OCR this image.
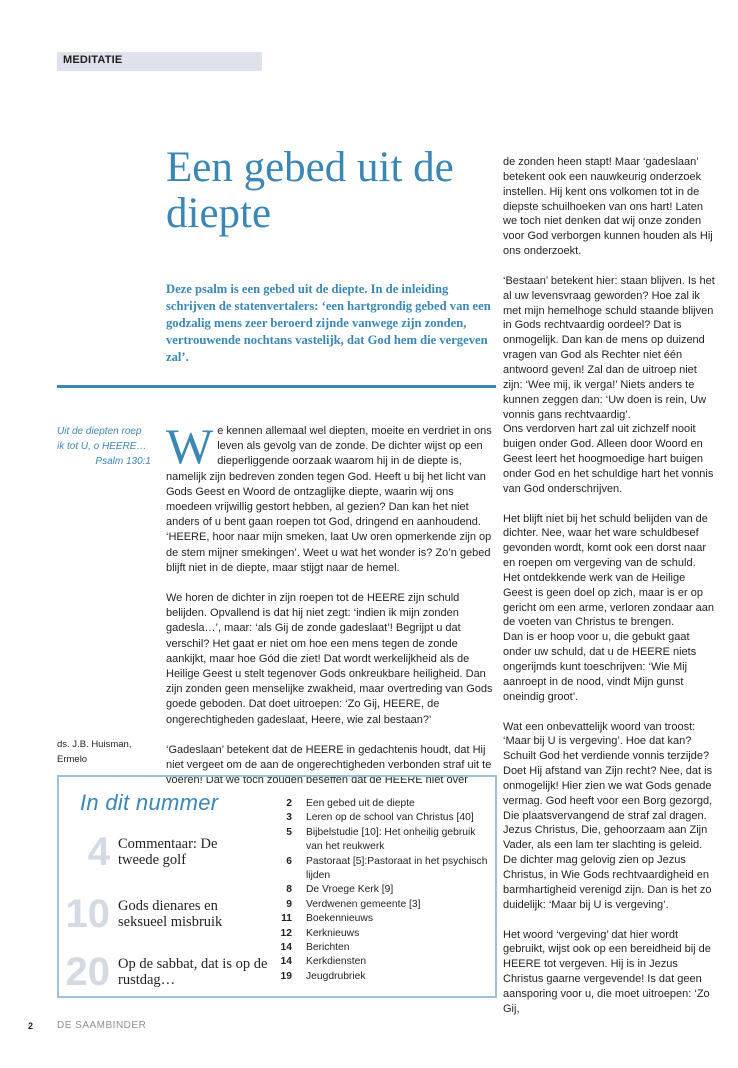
MEDITATIE
Een gebed uit de diepte
Deze psalm is een gebed uit de diepte. In de inleiding schrijven de statenvertalers: ‘een hartgrondig gebed van een godzalig mens zeer beroerd zijnde vanwege zijn zonden, vertrouwende nochtans vastelijk, dat God hem die vergeven zal’.
Uit de diepten roep ik tot U, o HEERE…
Psalm 130:1
ds. J.B. Huisman,
Ermelo

We kennen allemaal wel diepten, moeite en verdriet in ons leven als gevolg van de zonde. De dichter wijst op een dieperliggende oorzaak waarom hij in de diepte is, namelijk zijn bedreven zonden tegen God. Heeft u bij het licht van Gods Geest en Woord de ontzaglijke diepte, waarin wij ons moedeen vrijwillig gestort hebben, al gezien? Dan kan het niet anders of u bent gaan roepen tot God, dringend en aanhoudend. ‘HEERE, hoor naar mijn smeken, laat Uw oren opmerkende zijn op de stem mijner smekingen’. Weet u wat het wonder is? Zo’n gebed blijft niet in de diepte, maar stijgt naar de hemel.

We horen de dichter in zijn roepen tot de HEERE zijn schuld belijden. Opvallend is dat hij niet zegt: ‘indien ik mijn zonden gadesla…’, maar: ‘als Gij de zonde gadeslaat’! Begrijpt u dat verschil? Het gaat er niet om hoe een mens tegen de zonde aankijkt, maar hoe Gód die ziet! Dat wordt werkelijkheid als de Heilige Geest u stelt tegenover Gods onkreukbare heiligheid. Dan zijn zonden geen menselijke zwakheid, maar overtreding van Gods goede geboden. Dat doet uitroepen: ‘Zo Gij, HEERE, de ongerechtigheden gadeslaat, Heere, wie zal bestaan?’

‘Gadeslaan’ betekent dat de HEERE in gedachtenis houdt, dat Hij niet vergeet om de aan de ongerechtigheden verbonden straf uit te voeren! Dat we toch zouden beseffen dat de HEERE niet over

de zonden heen stapt! Maar ‘gadeslaan’ betekent ook een nauwkeurig onderzoek instellen. Hij kent ons volkomen tot in de diepste schuilhoeken van ons hart! Laten we toch niet denken dat wij onze zonden voor God verborgen kunnen houden als Hij ons onderzoekt.

‘Bestaan’ betekent hier: staan blijven. Is het al uw levensvraag geworden? Hoe zal ik met mijn hemelhoge schuld staande blijven in Gods rechtvaardig oordeel? Dat is onmogelijk. Dan kan de mens op duizend vragen van God als Rechter niet één antwoord geven! Zal dan de uitroep niet zijn: ‘Wee mij, ik verga!’ Niets anders te kunnen zeggen dan: ‘Uw doen is rein, Uw vonnis gans rechtvaardig’.

Ons verdorven hart zal uit zichzelf nooit buigen onder God. Alleen door Woord en Geest leert het hoogmoedige hart buigen onder God en het schuldige hart het vonnis van God onderschrijven.

Het blijft niet bij het schuld belijden van de dichter. Nee, waar het ware schuldbesef gevonden wordt, komt ook een dorst naar en roepen om vergeving van de schuld. Het ontdekkende werk van de Heilige Geest is geen doel op zich, maar is er op gericht om een arme, verloren zondaar aan de voeten van Christus te brengen.

Dan is er hoop voor u, die gebukt gaat onder uw schuld, dat u de HEERE niets ongerijmds kunt toeschrijven: ‘Wie Mij aanroept in de nood, vindt Mijn gunst oneindig groot’.

Wat een onbevattelijk woord van troost: ‘Maar bij U is vergeving’. Hoe dat kan? Schuilt God het verdiende vonnis terzijde? Doet Hij afstand van Zijn recht? Nee, dat is onmogelijk! Hier zien we wat Gods genade vermag. God heeft voor een Borg gezorgd, Die plaatsvervangend de straf zal dragen. Jezus Christus, Die, gehoorzaam aan Zijn Vader, als een lam ter slachting is geleid. De dichter mag gelovig zien op Jezus Christus, in Wie Gods rechtvaardigheid en barmhartigheid verenigd zijn. Dan is het zo duidelijk: ‘Maar bij U is vergeving’.

Het woord ‘vergeving’ dat hier wordt gebruikt, wijst ook op een bereidheid bij de HEERE tot vergeven. Hij is in Jezus Christus gaarne vergevende! Is dat geen aansporing voor u, die moet uitroepen: ‘Zo Gij,

In dit nummer
4 Commentaar: De tweede golf
10 Gods dienares en seksueel misbruik
20 Op de sabbat, dat is op de rustdag…
2 Een gebed uit de diepte
3 Leren op de school van Christus [40]
5 Bijbelstudie [10]: Het onheilig gebruik van het reukwerk
6 Pastoraat [5]:Pastoraat in het psychisch lijden
8 De Vroege Kerk [9]
9 Verdwenen gemeente [3]
11 Boekennieuws
12 Kerknieuws
14 Berichten
14 Kerkdiensten
19 Jeugdrubriek
2 DE SAAMBINDER
